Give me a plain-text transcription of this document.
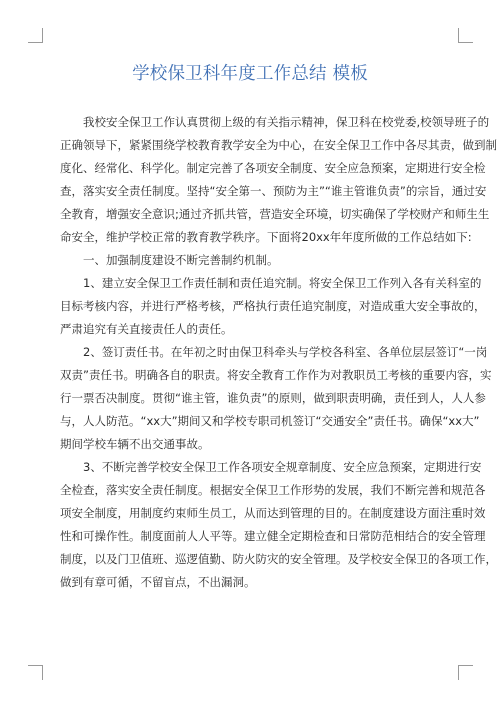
学校保卫科年度工作总结 模板

我校安全保卫工作认真贯彻上级的有关指示精神，保卫科在校党委,校领导班子的
正确领导下，紧紧围绕学校教育教学安全为中心，在安全保卫工作中各尽其责，做到制
度化、经常化、科学化。制定完善了各项安全制度、安全应急预案，定期进行安全检
查，落实安全责任制度。坚持“安全第一、预防为主”“谁主管谁负责”的宗旨，通过安
全教育，增强安全意识;通过齐抓共管，营造安全环境，切实确保了学校财产和师生生
命安全，维护学校正常的教育教学秩序。下面将20xx年年度所做的工作总结如下:

一、加强制度建设不断完善制约机制。

1、建立安全保卫工作责任制和责任追究制。将安全保卫工作列入各有关科室的
目标考核内容，并进行严格考核，严格执行责任追究制度，对造成重大安全事故的，
严肃追究有关直接责任人的责任。

2、签订责任书。在年初之时由保卫科牵头与学校各科室、各单位层层签订“一岗
双责”责任书。明确各自的职责。将安全教育工作作为对教职员工考核的重要内容，实
行一票否决制度。贯彻“谁主管，谁负责”的原则，做到职责明确，责任到人，人人参
与，人人防范。“xx大”期间又和学校专职司机签订“交通安全”责任书。确保“xx大”
期间学校车辆不出交通事故。

3、不断完善学校安全保卫工作各项安全规章制度、安全应急预案，定期进行安
全检查，落实安全责任制度。根据安全保卫工作形势的发展，我们不断完善和规范各
项安全制度，用制度约束师生员工，从而达到管理的目的。在制度建设方面注重时效
性和可操作性。制度面前人人平等。建立健全定期检查和日常防范相结合的安全管理
制度，以及门卫值班、巡逻值勤、防火防灾的安全管理。及学校安全保卫的各项工作，
做到有章可循，不留盲点，不出漏洞。
